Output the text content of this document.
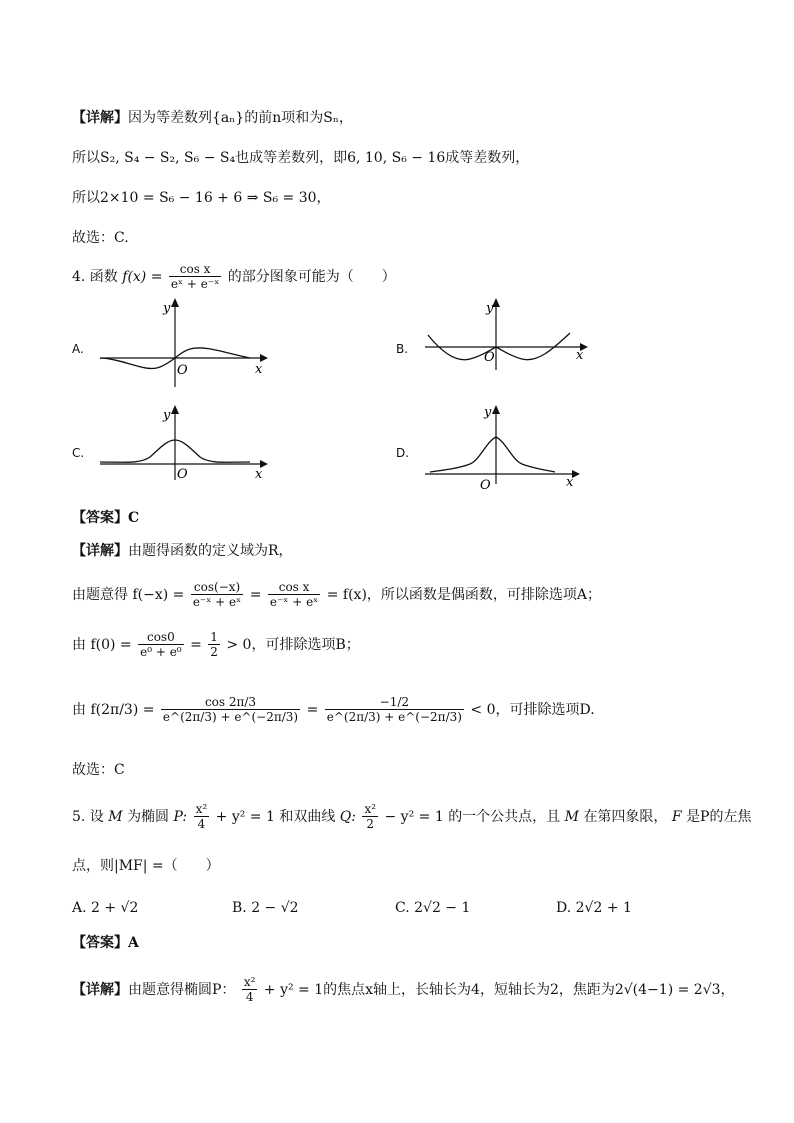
【详解】因为等差数列{aₙ}的前n项和为Sₙ，
所以S₂, S₄ − S₂, S₆ − S₄也成等差数列，即6, 10, S₆ − 16成等差数列，
所以2×10 = S₆ − 16 + 6 ⇒ S₆ = 30，
故选：C.
4. 函数 $f(x) = \frac{\text{cos x}}{\text{eˣ + e⁻ˣ}}$ 的部分图象可能为（　　）
A.
y
x
O
B.
y
x
O
C.
y
x
O
D.
y
x
O
【答案】C
【详解】由题得函数的定义域为R，
由题意得 $f(-x) = \frac{\cos(-x)}{\text{e⁻ˣ + eˣ}} = \frac{\text{cos x}}{\text{e⁻ˣ + eˣ}} = f(x)$，所以函数是偶函数，可排除选项A；
由 $f(0) = \frac{\cos 0}{\text{e⁰ + e⁰}} = \frac{1}{2} > 0$，可排除选项B；
由 $f(2\pi/3) = \frac{\cos 2\pi/3}{e\^{}(2\pi/3) + e\^{}(-2\pi/3)} = \frac{-1/2}{e\^{}(2\pi/3) + e\^{}(-2\pi/3)} < 0$，可排除选项D.
故选：C
5. 设 M 为椭圆 P: $\frac{\text{x²}}{4} + y^2 = 1$ 和双曲线 Q: $\frac{\text{x²}}{2} - y^2 = 1$ 的一个公共点，且 M 在第四象限， F 是P的左焦
点，则|MF| =（　　）
A. 2 + √2	B. 2 − √2	C. 2√2 − 1	D. 2√2 + 1
【答案】A
【详解】由题意得椭圆P： $\frac{\text{x²}}{4} + y^2 = 1$的焦点x轴上，长轴长为4，短轴长为2，焦距为2√(4−1) = 2√3，
